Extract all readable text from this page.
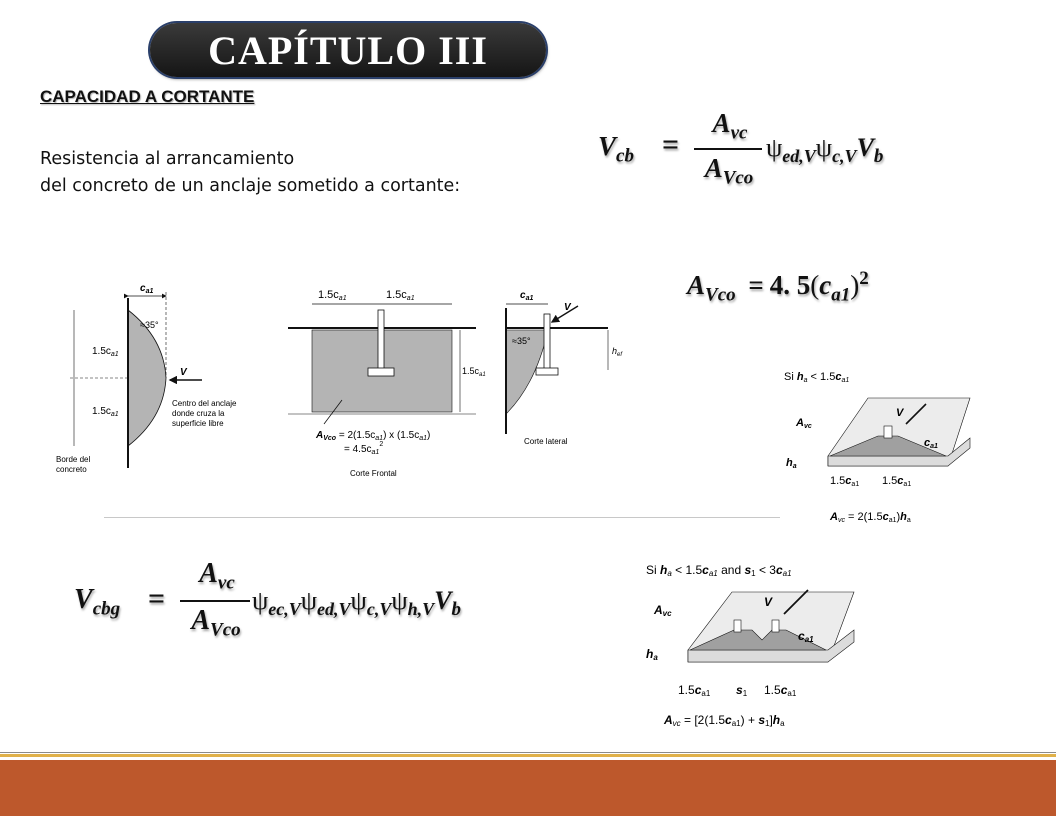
CAPÍTULO III
CAPACIDAD A CORTANTE
Resistencia al arrancamiento
del concreto de un anclaje sometido a cortante:
$V_{cb}$ =
$A_{vc}$
$A_{Vco}$
$\psi_{ed,V}\psi_{c,V}V_b$
$A_{Vco} = 4$. $5(c_{a1})^2$
$V_{cbg}$ =
$A_{vc}$
$A_{Vco}$
$\psi_{ec,V}\psi_{ed,V}\psi_{c,V}\psi_{h,V}V_b$
$c_{a1}$
≈35°
$1.5c_{a1}$
$1.5c_{a1}$
V
Centro del anclaje
donde cruza la
superficie libre
Borde del
concreto
1.5ca1	1.5ca1
$1.5c_{a1}$
$A_{Vco} = 2(1.5c_{a1})$ x $(1.5c_{a1})$
= $4.5c_{a1}^2$
Corte Frontal
$c_{a1}$
≈35°
V
$h_{ef}$
Corte lateral
Si ha < 1.5ca1
Avc
V
ca1
ha
1.5ca1 1.5ca1
Avc = 2(1.5ca1)ha
Si ha < 1.5ca1 and s1 < 3ca1
Avc
V
ca1
ha
1.5ca1 s1 1.5ca1
Avc = [2(1.5ca1) + s1]ha
